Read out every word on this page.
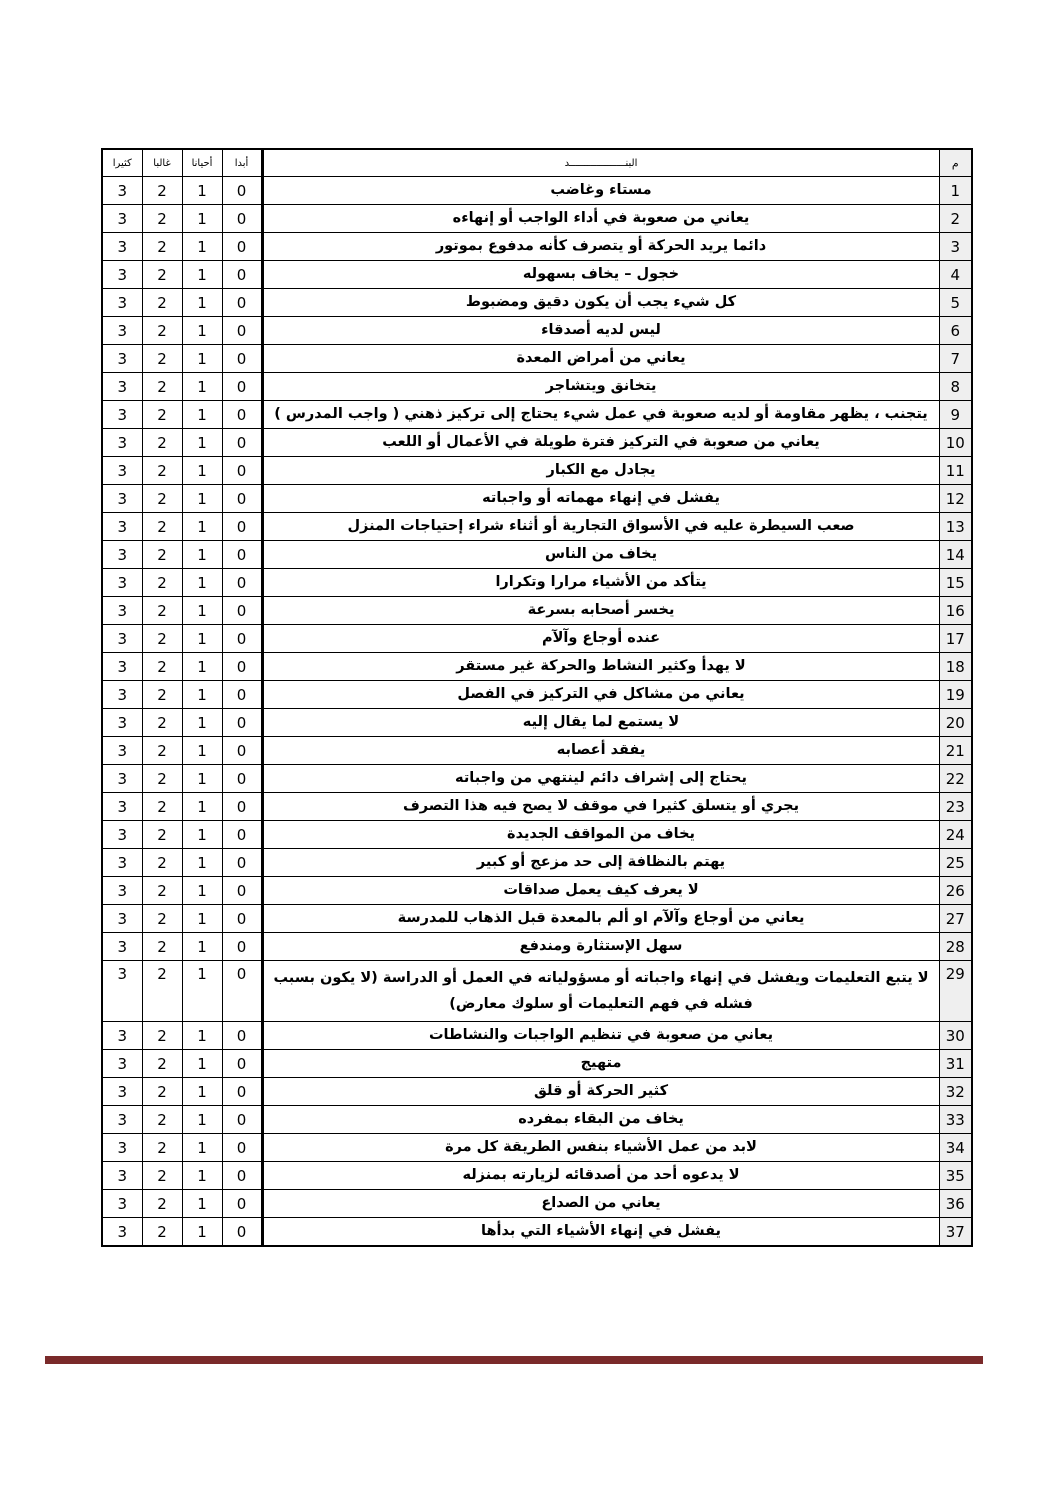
م	البنـــــــــــــــــــد	أبدا	أحيانا	غالبا	كثيرا
1	مستاء وغاضب	0	1	2	3
2	يعاني من صعوبة في أداء الواجب أو إنهاءه	0	1	2	3
3	دائما يريد الحركة أو يتصرف كأنه مدفوع بموتور	0	1	2	3
4	خجول – يخاف بسهوله	0	1	2	3
5	كل شيء يجب أن يكون دقيق ومضبوط	0	1	2	3
6	ليس لديه أصدقاء	0	1	2	3
7	يعاني من أمراض المعدة	0	1	2	3
8	يتخانق ويتشاجر	0	1	2	3
9	يتجنب ، يظهر مقاومة أو لديه صعوبة في عمل شيء يحتاج إلى تركيز ذهني ( واجب المدرس )	0	1	2	3
10	يعاني من صعوبة في التركيز فترة طويلة في الأعمال أو اللعب	0	1	2	3
11	يجادل مع الكبار	0	1	2	3
12	يفشل في إنهاء مهماته أو واجباته	0	1	2	3
13	صعب السيطرة عليه في الأسواق التجارية أو أثناء شراء إحتياجات المنزل	0	1	2	3
14	يخاف من الناس	0	1	2	3
15	يتأكد من الأشياء مرارا وتكرارا	0	1	2	3
16	يخسر أصحابه بسرعة	0	1	2	3
17	عنده أوجاع وآلآم	0	1	2	3
18	لا يهدأ وكثير النشاط والحركة غير مستقر	0	1	2	3
19	يعاني من مشاكل في التركيز في الفصل	0	1	2	3
20	لا يستمع لما يقال إليه	0	1	2	3
21	يفقد أعصابه	0	1	2	3
22	يحتاج إلى إشراف دائم لينتهي من واجباته	0	1	2	3
23	يجري أو يتسلق كثيرا في موقف لا يصح فيه هذا التصرف	0	1	2	3
24	يخاف من المواقف الجديدة	0	1	2	3
25	يهتم بالنظافة إلى حد مزعج أو كبير	0	1	2	3
26	لا يعرف كيف يعمل صداقات	0	1	2	3
27	يعاني من أوجاع وآلآم او ألم بالمعدة قبل الذهاب للمدرسة	0	1	2	3
28	سهل الإستثارة ومندفع	0	1	2	3
29	لا يتبع التعليمات ويفشل في إنهاء واجباته أو مسؤولياته في العمل أو الدراسة (لا يكون بسبب فشله في فهم التعليمات أو سلوك معارض)	0	1	2	3
30	يعاني من صعوبة في تنظيم الواجبات والنشاطات	0	1	2	3
31	متهيج	0	1	2	3
32	كثير الحركة أو قلق	0	1	2	3
33	يخاف من البقاء بمفرده	0	1	2	3
34	لابد من عمل الأشياء بنفس الطريقة كل مرة	0	1	2	3
35	لا يدعوه أحد من أصدقائه لزيارته بمنزله	0	1	2	3
36	يعاني من الصداع	0	1	2	3
37	يفشل في إنهاء الأشياء التي بدأها	0	1	2	3
